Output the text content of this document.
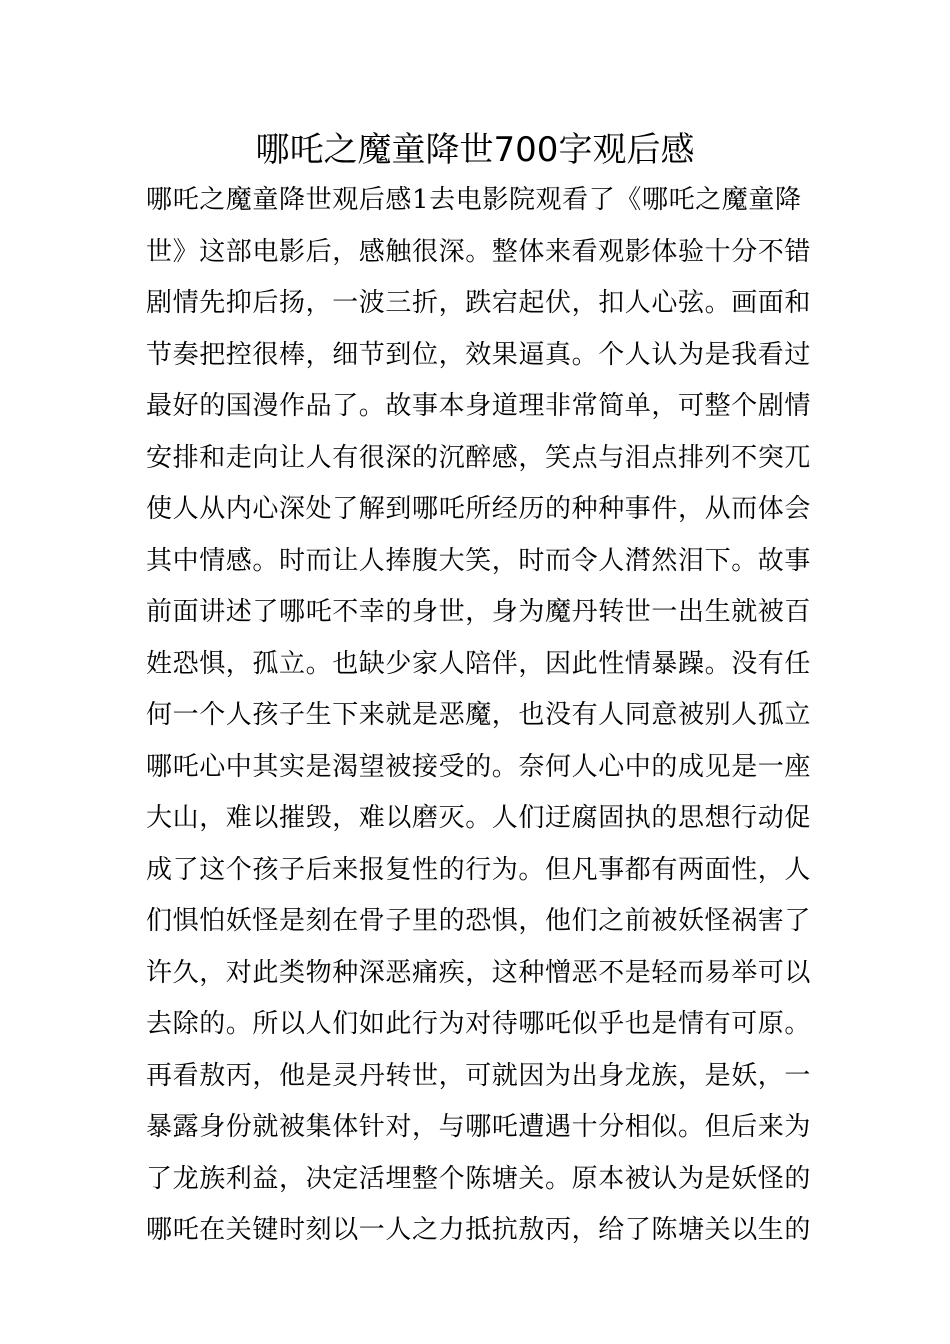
哪吒之魔童降世700字观后感
哪吒之魔童降世观后感1去电影院观看了《哪吒之魔童降
世》这部电影后，感触很深。整体来看观影体验十分不错
剧情先抑后扬，一波三折，跌宕起伏，扣人心弦。画面和
节奏把控很棒，细节到位，效果逼真。个人认为是我看过
最好的国漫作品了。故事本身道理非常简单，可整个剧情
安排和走向让人有很深的沉醉感，笑点与泪点排列不突兀
使人从内心深处了解到哪吒所经历的种种事件，从而体会
其中情感。时而让人捧腹大笑，时而令人潸然泪下。故事
前面讲述了哪吒不幸的身世，身为魔丹转世一出生就被百
姓恐惧，孤立。也缺少家人陪伴，因此性情暴躁。没有任
何一个人孩子生下来就是恶魔，也没有人同意被别人孤立
哪吒心中其实是渴望被接受的。奈何人心中的成见是一座
大山，难以摧毁，难以磨灭。人们迂腐固执的思想行动促
成了这个孩子后来报复性的行为。但凡事都有两面性，人
们惧怕妖怪是刻在骨子里的恐惧，他们之前被妖怪祸害了
许久，对此类物种深恶痛疾，这种憎恶不是轻而易举可以
去除的。所以人们如此行为对待哪吒似乎也是情有可原。
再看敖丙，他是灵丹转世，可就因为出身龙族，是妖，一
暴露身份就被集体针对，与哪吒遭遇十分相似。但后来为
了龙族利益，决定活埋整个陈塘关。原本被认为是妖怪的
哪吒在关键时刻以一人之力抵抗敖丙，给了陈塘关以生的
